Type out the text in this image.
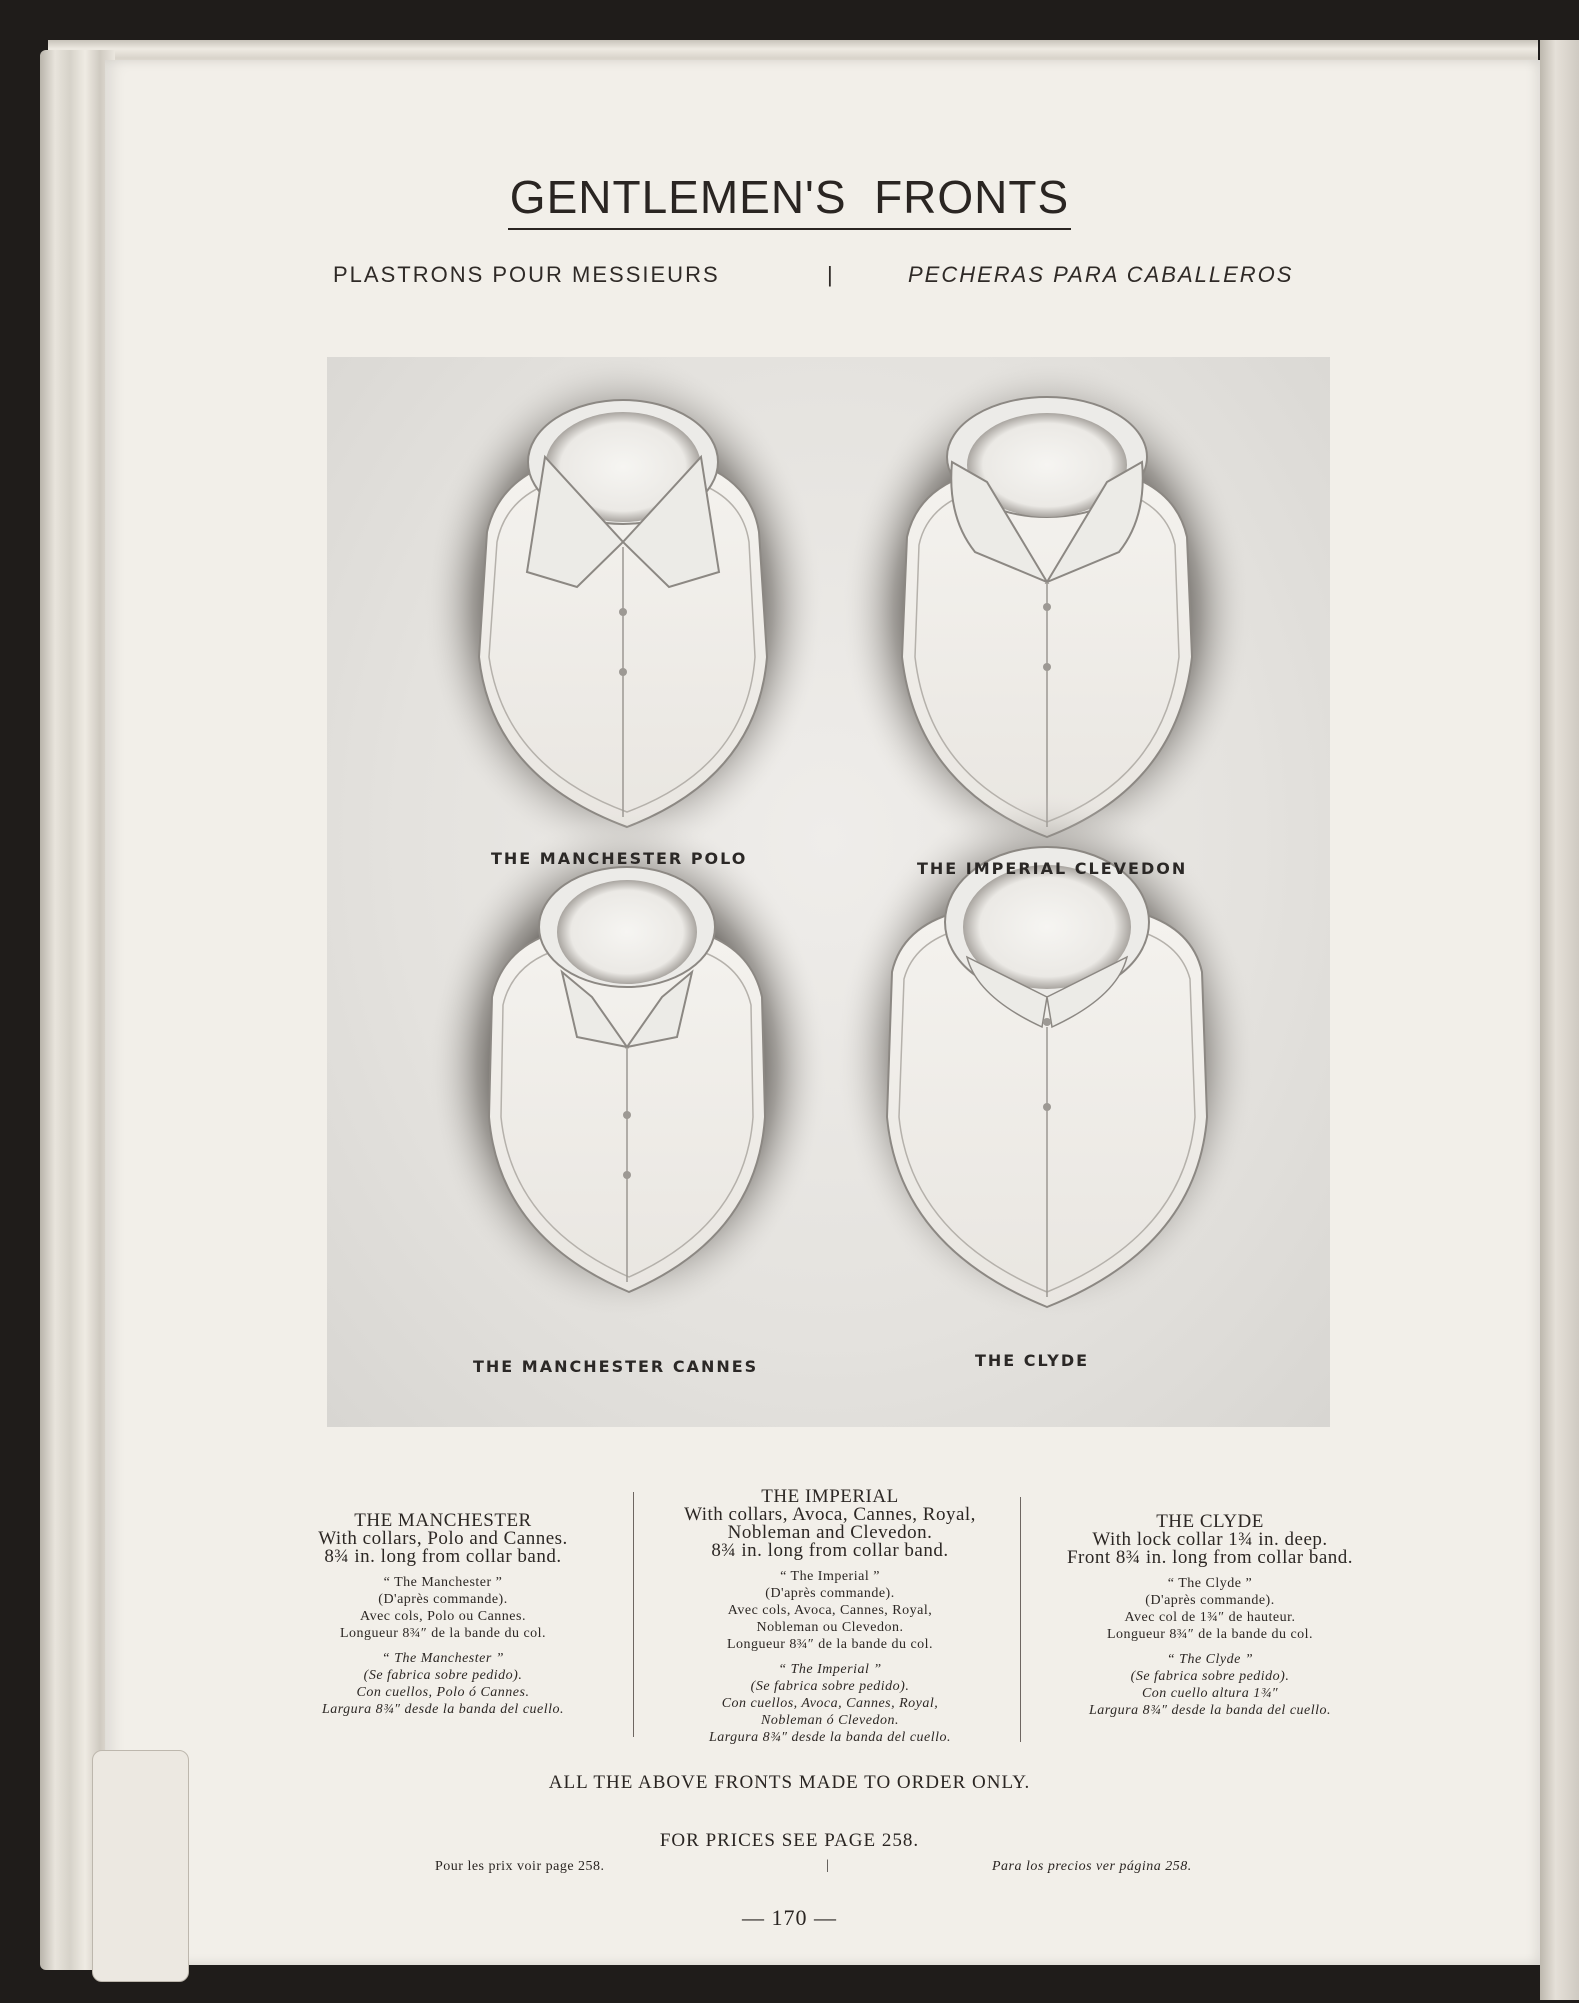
GENTLEMEN'S  FRONTS
PLASTRONS POUR MESSIEURS	|	PECHERAS PARA CABALLEROS
THE MANCHESTER POLO
THE IMPERIAL CLEVEDON
THE MANCHESTER CANNES	THE CLYDE
THE MANCHESTER
With collars, Polo and Cannes.
8¾ in. long from collar band.
“ The Manchester ”
(D'après commande).
Avec cols, Polo ou Cannes.
Longueur 8¾″ de la bande du col.
“ The Manchester ”
(Se fabrica sobre pedido).
Con cuellos, Polo ó Cannes.
Largura 8¾″ desde la banda del cuello.
THE IMPERIAL
With collars, Avoca, Cannes, Royal,
Nobleman and Clevedon.
8¾ in. long from collar band.
“ The Imperial ”
(D'après commande).
Avec cols, Avoca, Cannes, Royal,
Nobleman ou Clevedon.
Longueur 8¾″ de la bande du col.
“ The Imperial ”
(Se fabrica sobre pedido).
Con cuellos, Avoca, Cannes, Royal,
Nobleman ó Clevedon.
Largura 8¾″ desde la banda del cuello.
THE CLYDE
With lock collar 1¾ in. deep.
Front 8¾ in. long from collar band.
“ The Clyde ”
(D'après commande).
Avec col de 1¾″ de hauteur.
Longueur 8¾″ de la bande du col.
“ The Clyde ”
(Se fabrica sobre pedido).
Con cuello altura 1¾″
Largura 8¾″ desde la banda del cuello.
ALL THE ABOVE FRONTS MADE TO ORDER ONLY.
FOR PRICES SEE PAGE 258.
Pour les prix voir page 258.	|	Para los precios ver página 258.
— 170 —
